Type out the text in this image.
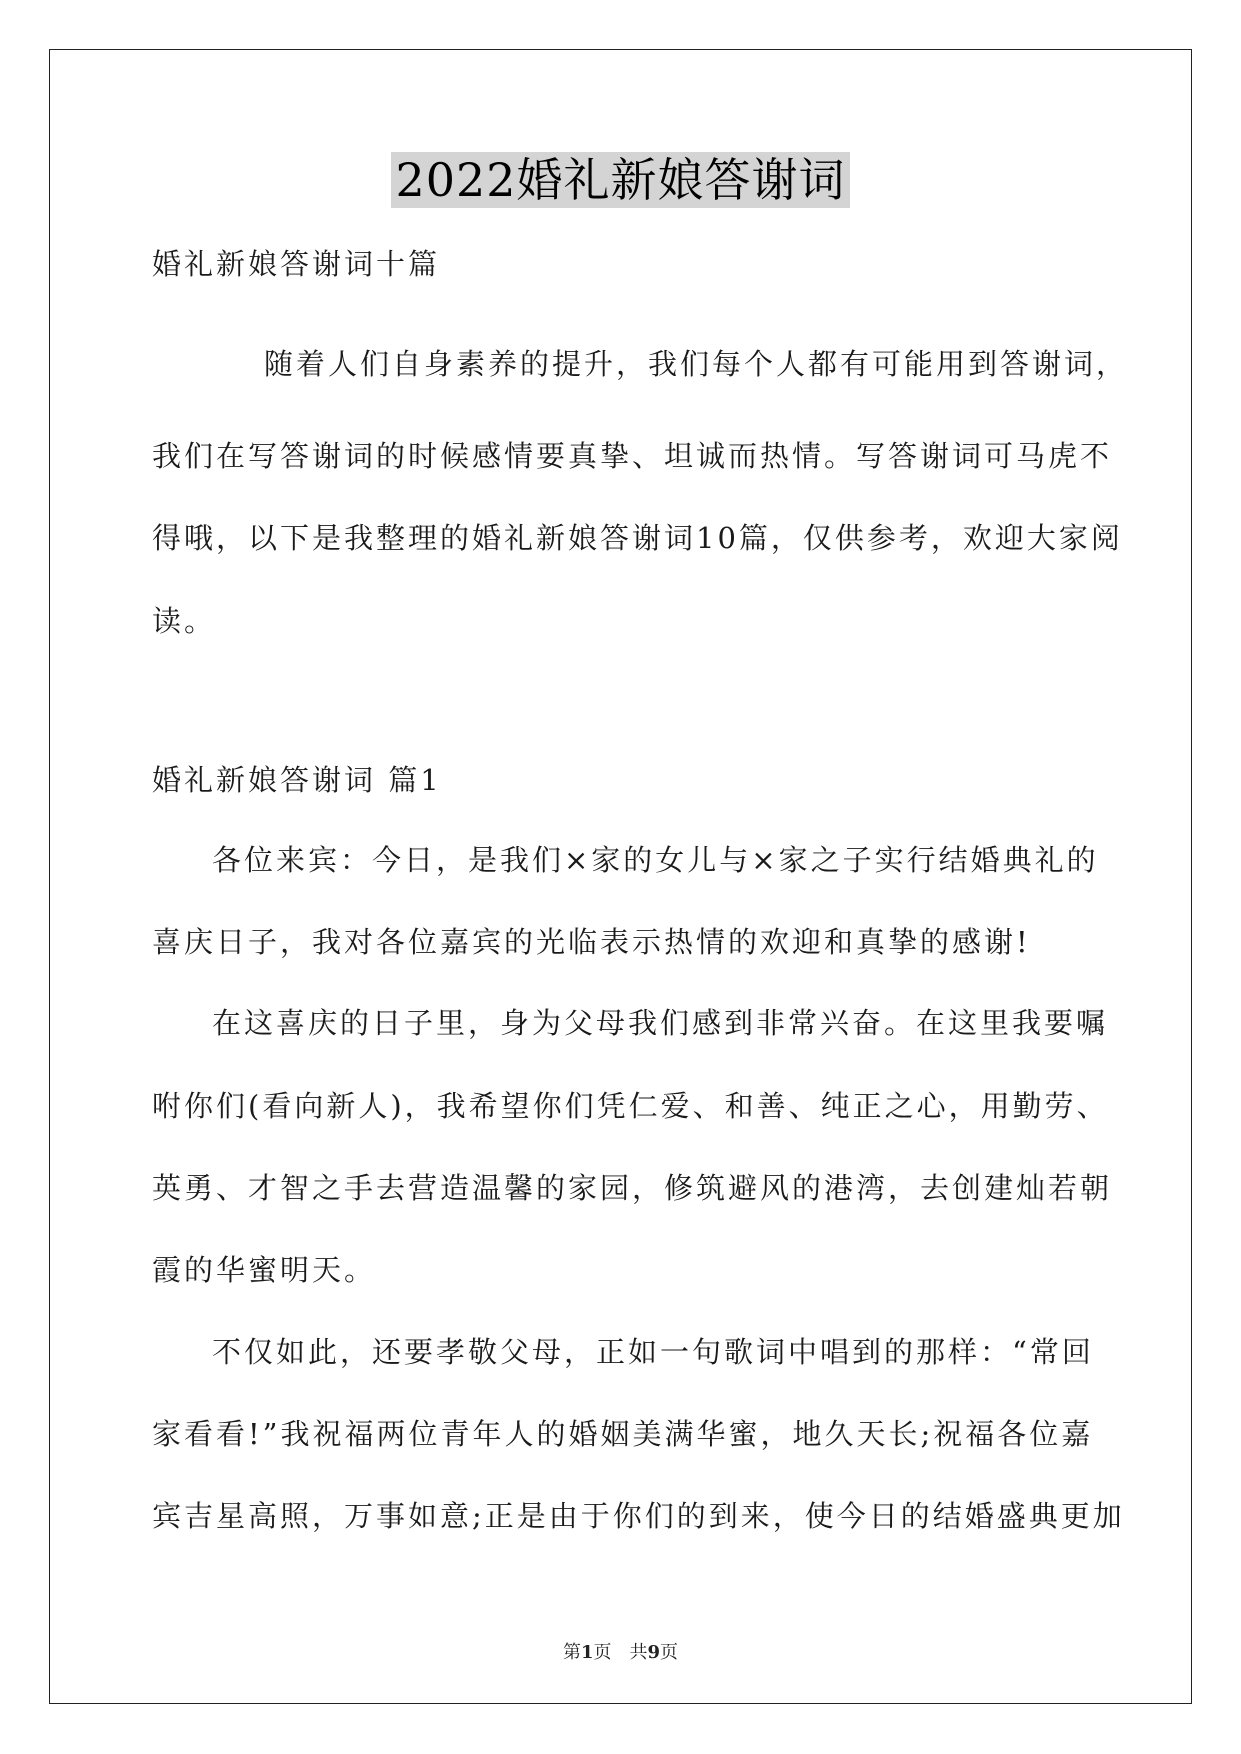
2022婚礼新娘答谢词
婚礼新娘答谢词十篇
随着人们自身素养的提升，我们每个人都有可能用到答谢词，
我们在写答谢词的时候感情要真挚、坦诚而热情。写答谢词可马虎不
得哦，以下是我整理的婚礼新娘答谢词10篇，仅供参考，欢迎大家阅
读。
婚礼新娘答谢词 篇1
各位来宾：今日，是我们×家的女儿与×家之子实行结婚典礼的
喜庆日子，我对各位嘉宾的光临表示热情的欢迎和真挚的感谢!
在这喜庆的日子里，身为父母我们感到非常兴奋。在这里我要嘱
咐你们(看向新人)，我希望你们凭仁爱、和善、纯正之心，用勤劳、
英勇、才智之手去营造温馨的家园，修筑避风的港湾，去创建灿若朝
霞的华蜜明天。
不仅如此，还要孝敬父母，正如一句歌词中唱到的那样：“常回
家看看!”我祝福两位青年人的婚姻美满华蜜，地久天长;祝福各位嘉
宾吉星高照，万事如意;正是由于你们的到来，使今日的结婚盛典更加
第1页　共9页
